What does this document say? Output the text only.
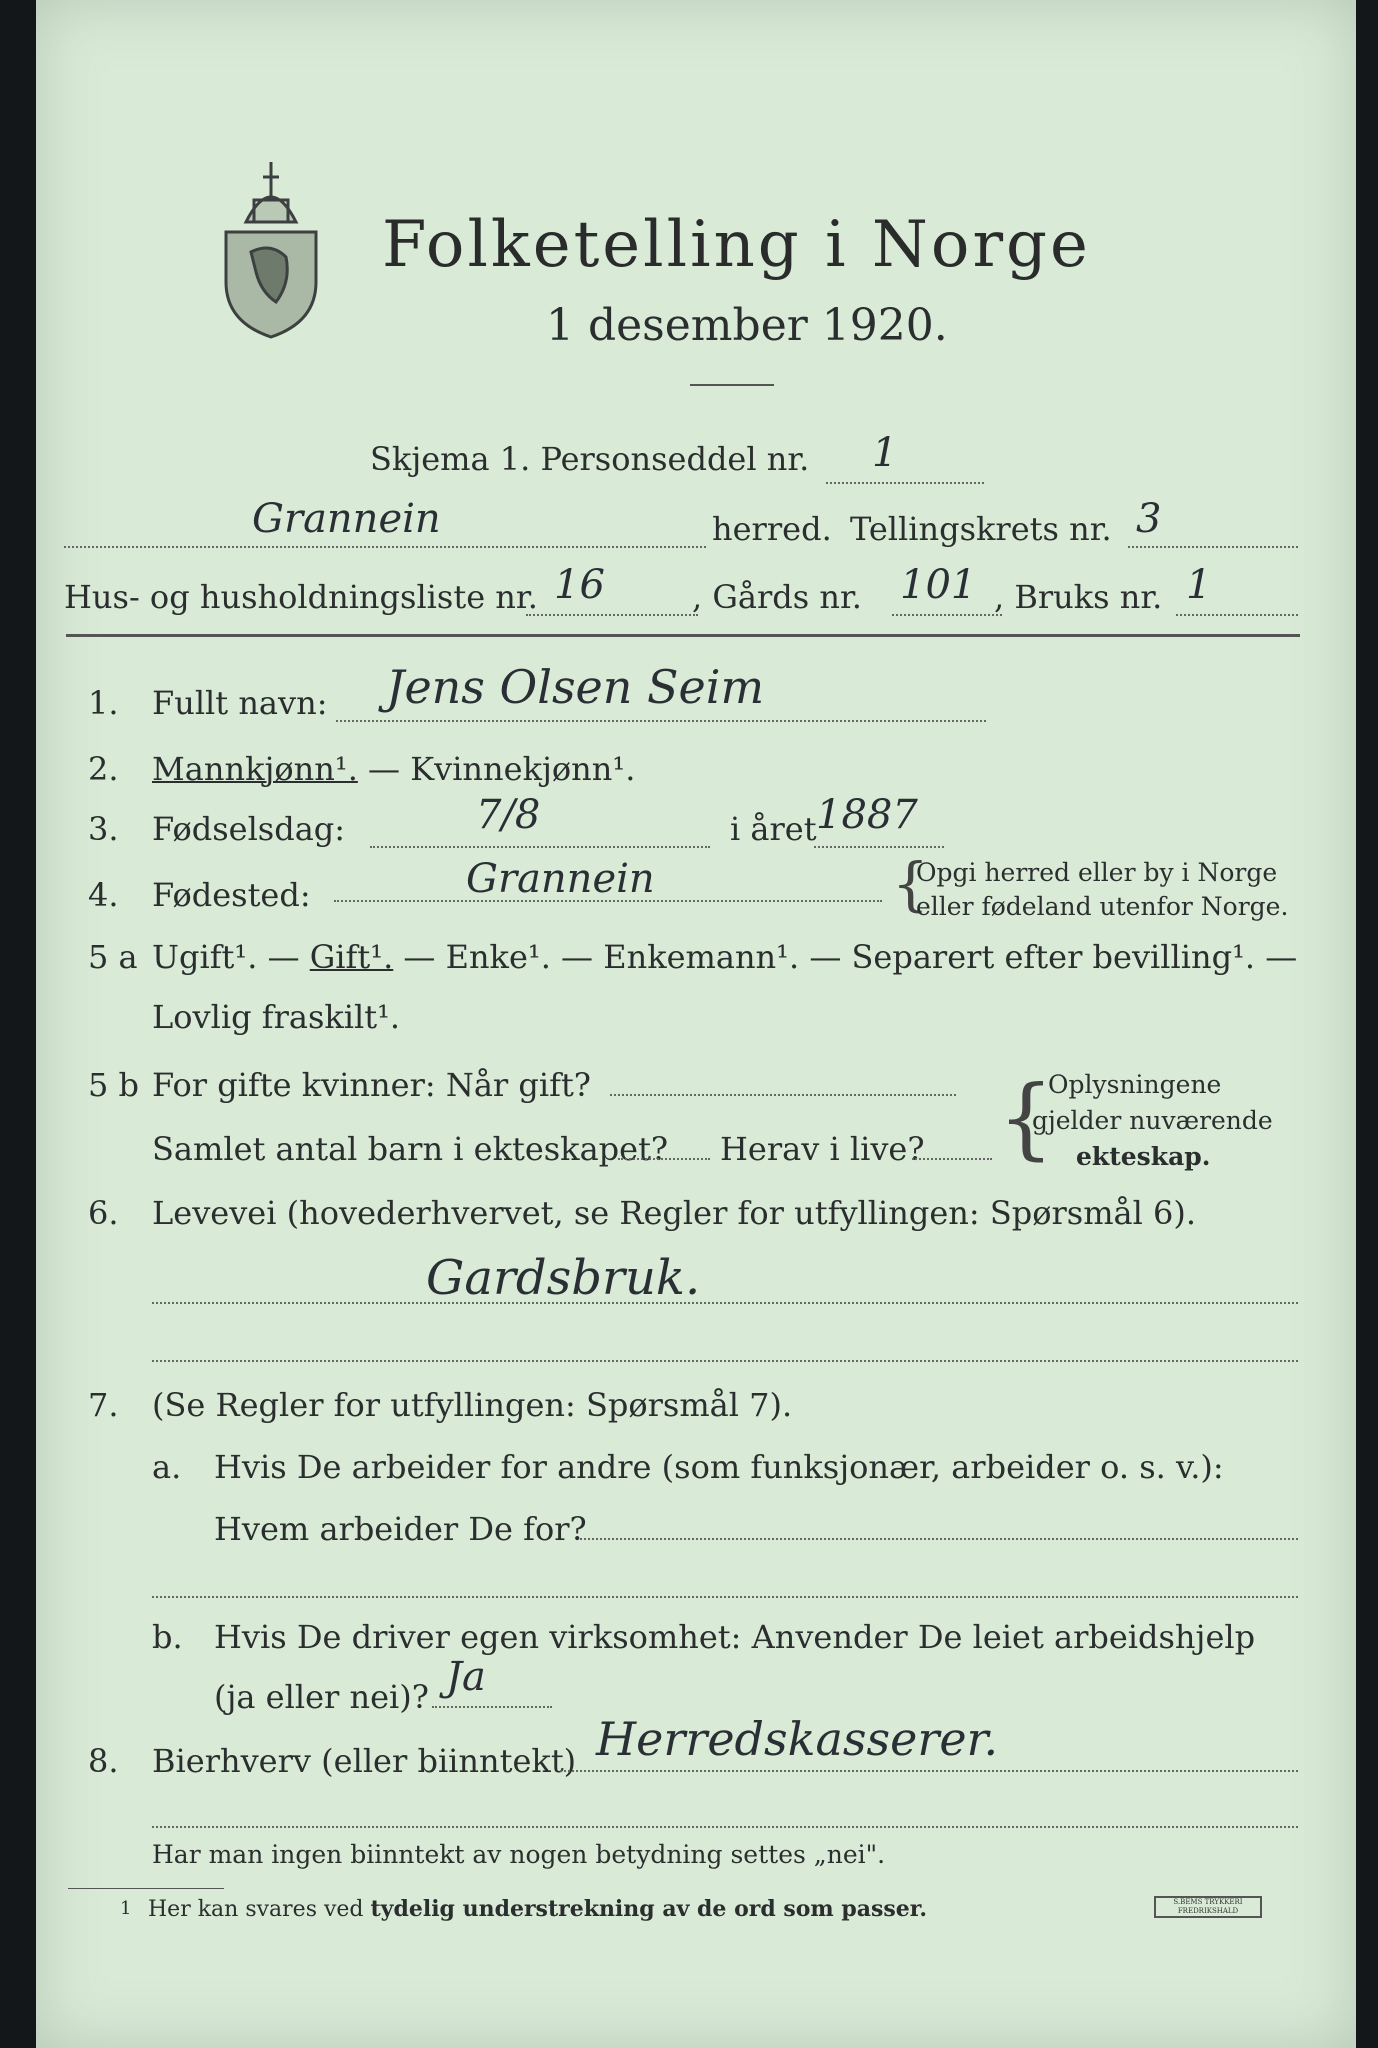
Folketelling i Norge
1 desember 1920.
Skjema 1. Personseddel nr. 1
Grannein	herred. Tellingskrets nr. 3
Hus- og husholdningsliste nr. 16	, Gårds nr. 101 , Bruks nr. 1
1. Fullt navn: Jens Olsen Seim
2. Mannkjønn¹. — Kvinnekjønn¹.
3. Fødselsdag:	7/8	i året 1887
4. Fødested:	Grannein	{
Opgi herred eller by i Norge
eller fødeland utenfor Norge.
5 a Ugift¹. — Gift¹. — Enke¹. — Enkemann¹. — Separert efter bevilling¹. —
Lovlig fraskilt¹.
5 b For gifte kvinner: Når gift?
Samlet antal barn i ekteskapet? Herav i live? {
Oplysningene
gjelder nuværende
ekteskap.
6. Levevei (hovederhvervet, se Regler for utfyllingen: Spørsmål 6).
Gardsbruk.
7. (Se Regler for utfyllingen: Spørsmål 7).
a. Hvis De arbeider for andre (som funksjonær, arbeider o. s. v.):
Hvem arbeider De for?
b. Hvis De driver egen virksomhet: Anvender De leiet arbeidshjelp
(ja eller nei)? Ja
8. Bierhverv (eller biinntekt) Herredskasserer.
Har man ingen biinntekt av nogen betydning settes „nei".
1 Her kan svares ved tydelig understrekning av de ord som passer.	S.BEMS TRYKKERI FREDRIKSHALD
